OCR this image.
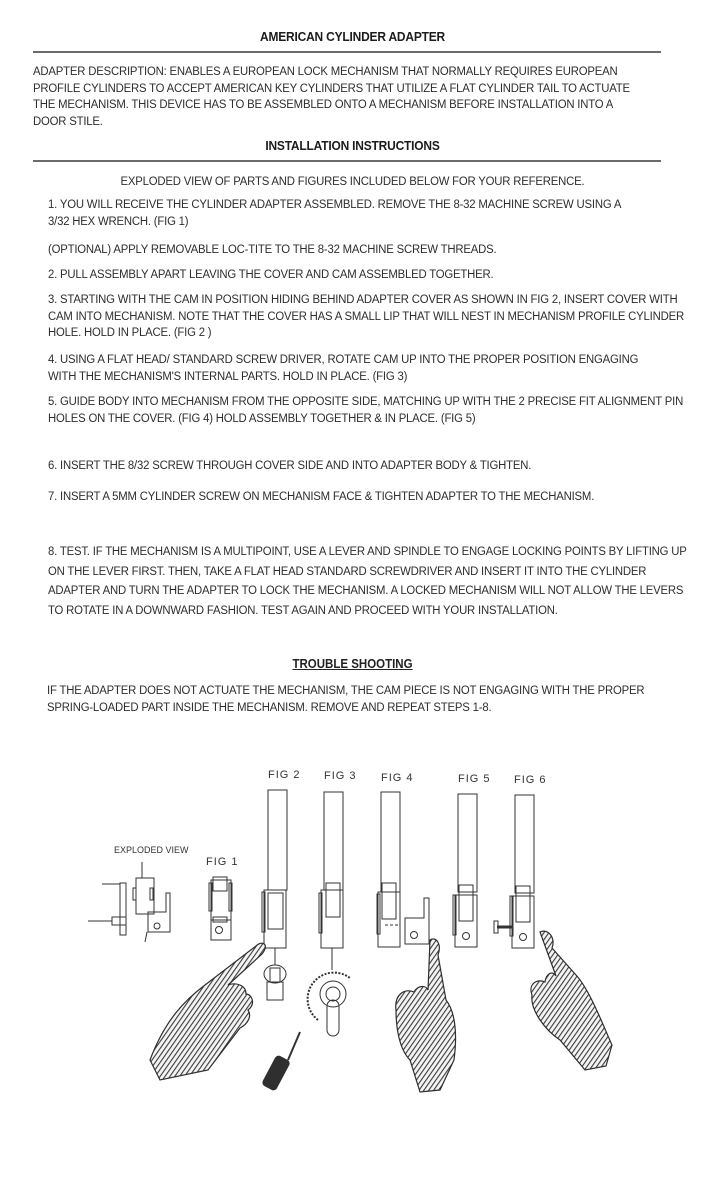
AMERICAN CYLINDER ADAPTER
ADAPTER DESCRIPTION: ENABLES A EUROPEAN LOCK MECHANISM THAT NORMALLY REQUIRES EUROPEAN PROFILE CYLINDERS TO ACCEPT AMERICAN KEY CYLINDERS THAT UTILIZE A FLAT CYLINDER TAIL TO ACTUATE THE MECHANISM. THIS DEVICE HAS TO BE ASSEMBLED ONTO A MECHANISM BEFORE INSTALLATION INTO A DOOR STILE.
INSTALLATION INSTRUCTIONS
EXPLODED VIEW OF PARTS AND FIGURES INCLUDED BELOW FOR YOUR REFERENCE.
1. YOU WILL RECEIVE THE CYLINDER ADAPTER ASSEMBLED. REMOVE THE 8-32 MACHINE SCREW USING A 3/32 HEX WRENCH. (FIG 1)
(OPTIONAL) APPLY REMOVABLE LOC-TITE TO THE 8-32 MACHINE SCREW THREADS.
2. PULL ASSEMBLY APART LEAVING THE COVER AND CAM ASSEMBLED TOGETHER.
3. STARTING WITH THE CAM IN POSITION HIDING BEHIND ADAPTER COVER AS SHOWN IN FIG 2, INSERT COVER WITH CAM INTO MECHANISM. NOTE THAT THE COVER HAS A SMALL LIP THAT WILL NEST IN MECHANISM PROFILE CYLINDER HOLE. HOLD IN PLACE. (FIG 2 )
4. USING A FLAT HEAD/ STANDARD SCREW DRIVER, ROTATE CAM UP INTO THE PROPER POSITION ENGAGING WITH THE MECHANISM'S INTERNAL PARTS. HOLD IN PLACE. (FIG 3)
5. GUIDE BODY INTO MECHANISM FROM THE OPPOSITE SIDE, MATCHING UP WITH THE 2 PRECISE FIT ALIGNMENT PIN HOLES ON THE COVER. (FIG 4) HOLD ASSEMBLY TOGETHER & IN PLACE. (FIG 5)
6. INSERT THE 8/32 SCREW THROUGH COVER SIDE AND INTO ADAPTER BODY & TIGHTEN.
7. INSERT A 5MM CYLINDER SCREW ON MECHANISM FACE & TIGHTEN ADAPTER TO THE MECHANISM.
8. TEST. IF THE MECHANISM IS A MULTIPOINT, USE A LEVER AND SPINDLE TO ENGAGE LOCKING POINTS BY LIFTING UP ON THE LEVER FIRST. THEN, TAKE A FLAT HEAD STANDARD SCREWDRIVER AND INSERT IT INTO THE CYLINDER ADAPTER AND TURN THE ADAPTER TO LOCK THE MECHANISM. A LOCKED MECHANISM WILL NOT ALLOW THE LEVERS TO ROTATE IN A DOWNWARD FASHION. TEST AGAIN AND PROCEED WITH YOUR INSTALLATION.
TROUBLE SHOOTING
IF THE ADAPTER DOES NOT ACTUATE THE MECHANISM, THE CAM PIECE IS NOT ENGAGING WITH THE PROPER SPRING-LOADED PART INSIDE THE MECHANISM. REMOVE AND REPEAT STEPS 1-8.
EXPLODED VIEW
FIG 1
FIG 2 FIG 3 FIG 4	FIG 5 FIG 6
